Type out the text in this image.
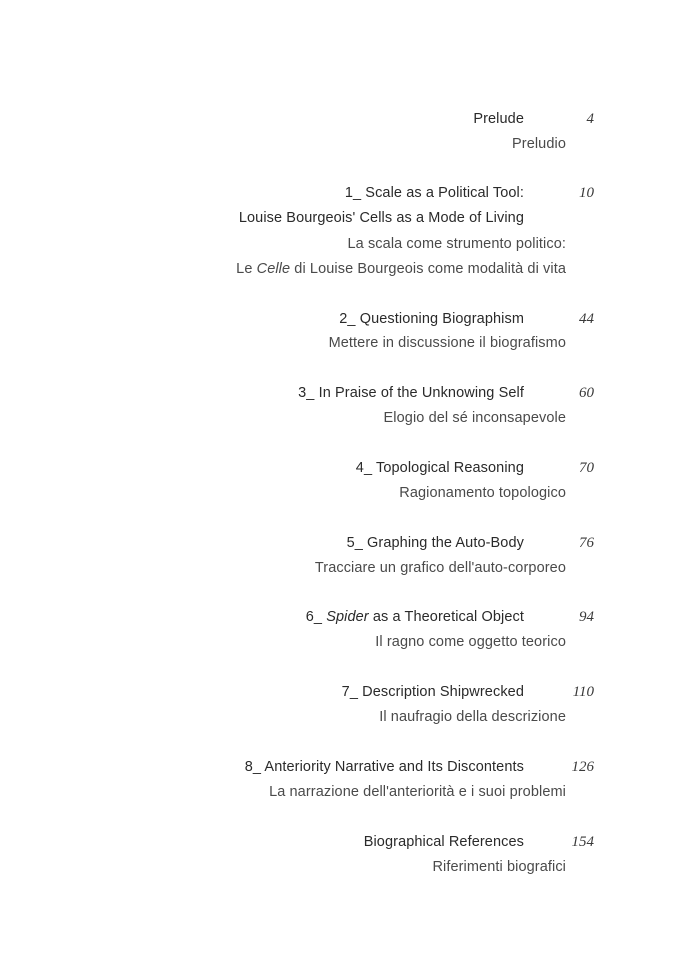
Prelude	4
Preludio
1_ Scale as a Political Tool:	10
Louise Bourgeois' Cells as a Mode of Living
La scala come strumento politico:
Le Celle di Louise Bourgeois come modalità di vita
2_ Questioning Biographism	44
Mettere in discussione il biografismo
3_ In Praise of the Unknowing Self	60
Elogio del sé inconsapevole
4_ Topological Reasoning	70
Ragionamento topologico
5_ Graphing the Auto-Body	76
Tracciare un grafico dell'auto-corporeo
6_ Spider as a Theoretical Object	94
Il ragno come oggetto teorico
7_ Description Shipwrecked	110
Il naufragio della descrizione
8_ Anteriority Narrative and Its Discontents	126
La narrazione dell'anteriorità e i suoi problemi
Biographical References	154
Riferimenti biografici
